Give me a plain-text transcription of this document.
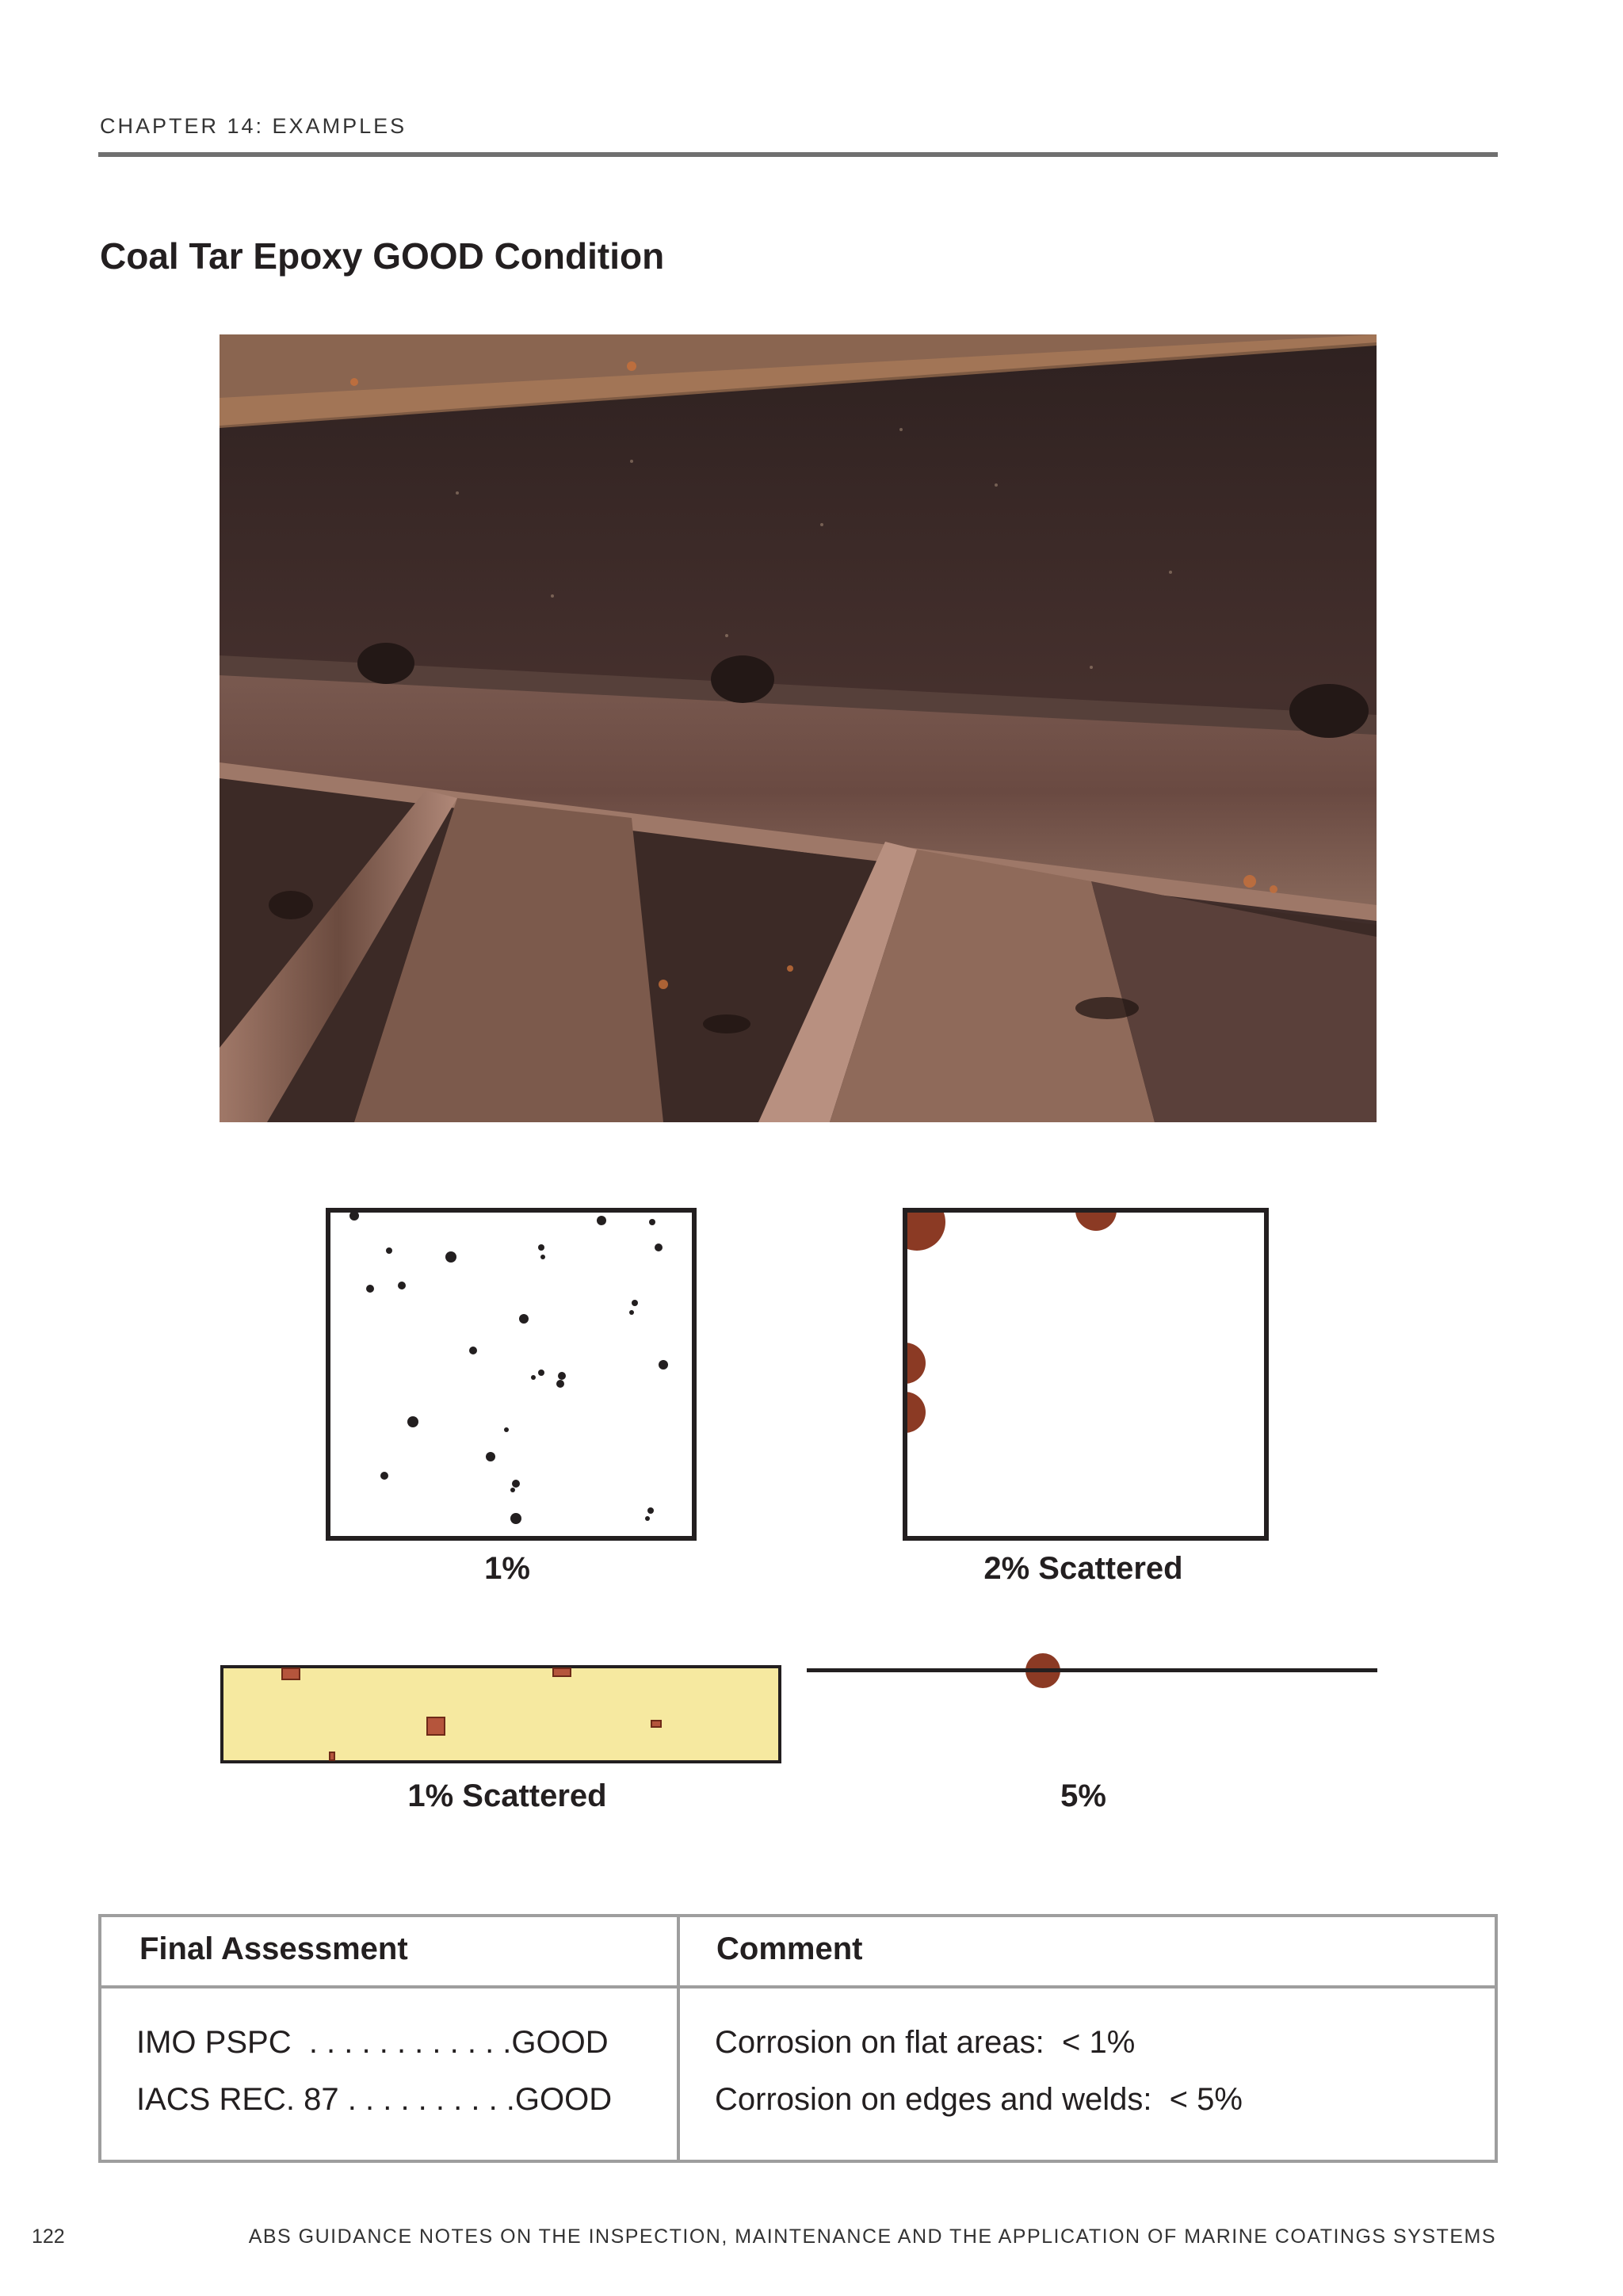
CHAPTER 14: EXAMPLES
Coal Tar Epoxy GOOD Condition
1%	2% Scattered
1% Scattered	5%
Final Assessment	Comment
IMO PSPC  . . . . . . . . . . . .GOOD
IACS REC. 87 . . . . . . . . . .GOOD
Corrosion on flat areas:  < 1%
Corrosion on edges and welds:  < 5%
122	ABS GUIDANCE NOTES ON THE INSPECTION, MAINTENANCE AND THE APPLICATION OF MARINE COATINGS SYSTEMS
